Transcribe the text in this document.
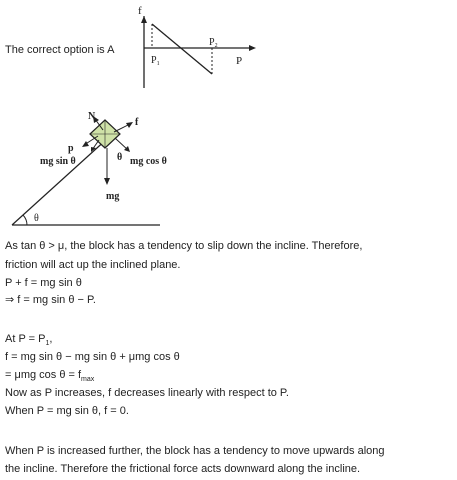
The correct option is A
f
$P_1$
$P_2$
P
θ
N
f
p
mg sin θ	θ mg cos θ
mg
As tan θ > μ, the block has a tendency to slip down the incline. Therefore,
friction will act up the inclined plane.
P + f = mg sin θ
⇒ f = mg sin θ − P.
At $P = P_1$,
f = mg sin θ − mg sin θ + μmg cos θ
= μmg $\cos \theta = f_{max}$
Now as P increases, f decreases linearly with respect to P.
When P = mg sin θ, f = 0.
When P is increased further, the block has a tendency to move upwards along
the incline. Therefore the frictional force acts downward along the incline.
